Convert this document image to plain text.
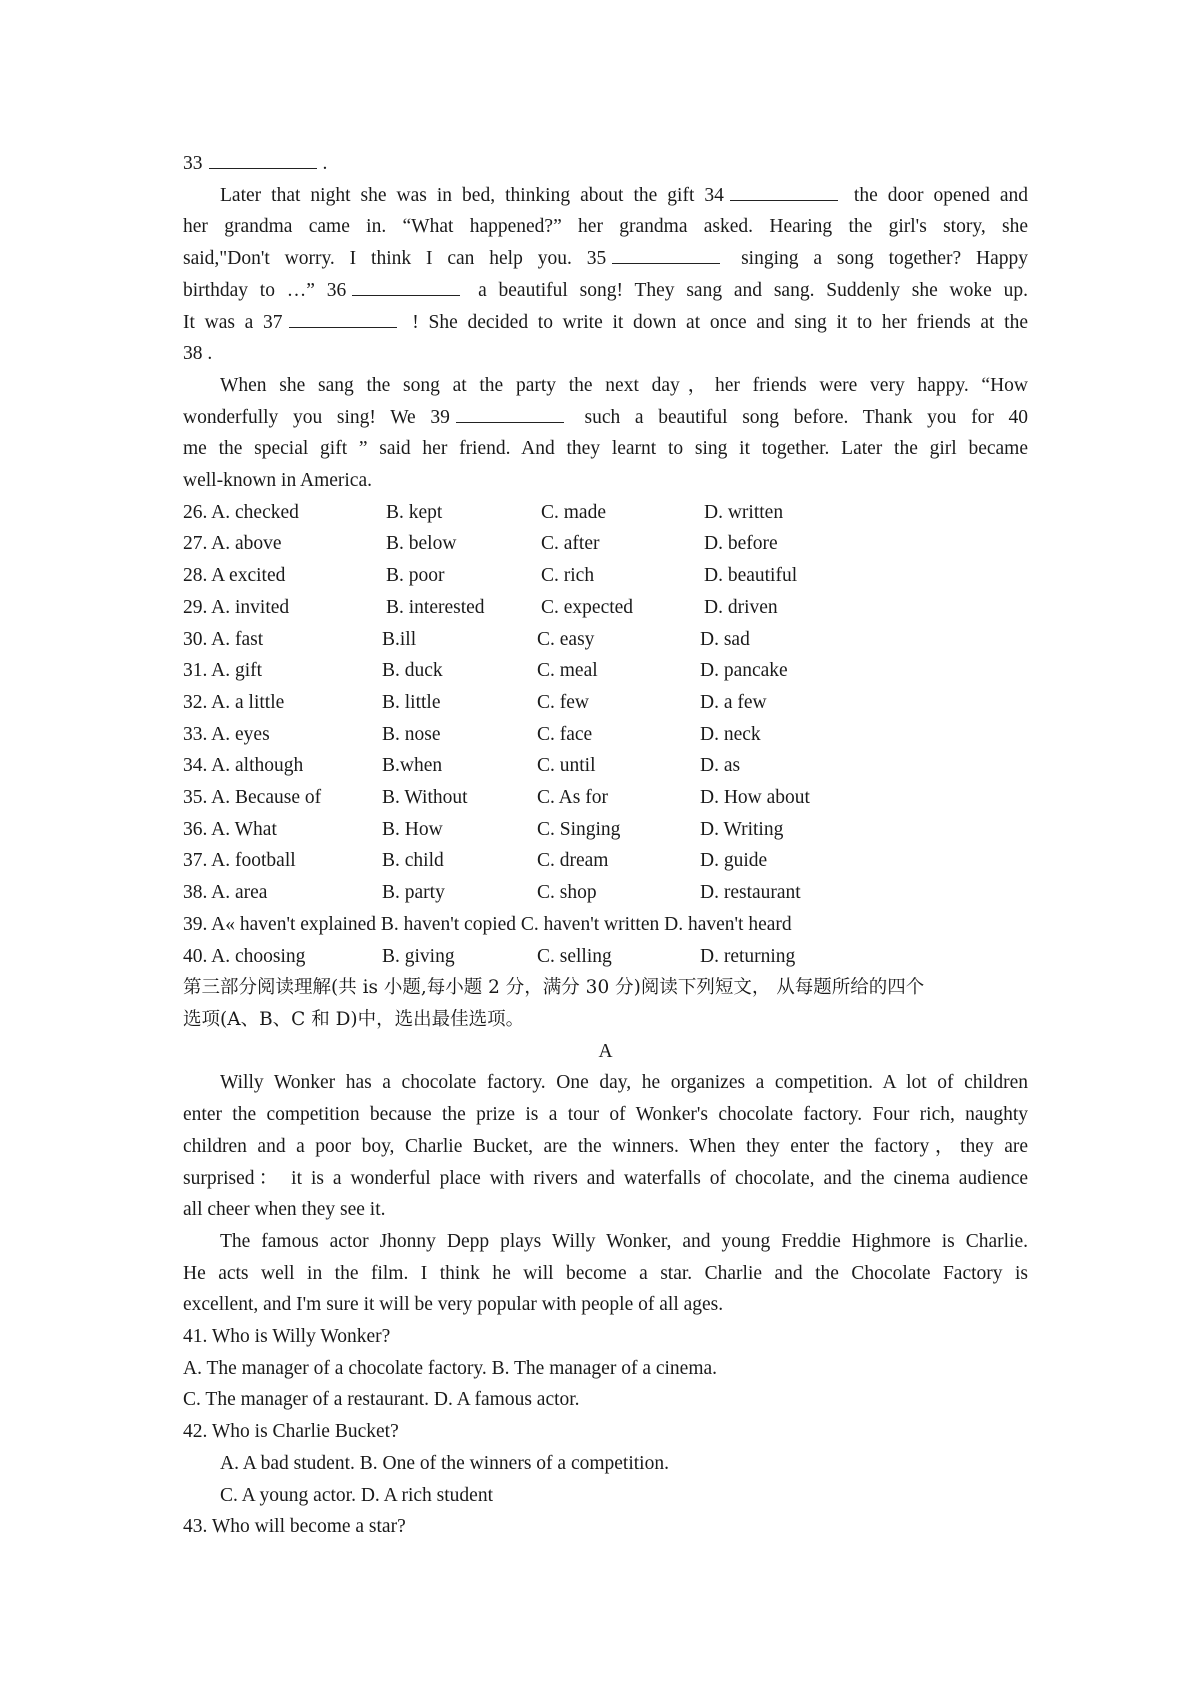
33	.
Later that night she was in bed, thinking about the gift 34	the door opened and
her grandma came in. “What happened?” her grandma asked. Hearing the girl's story, she
said,"Don't worry. I think I can help you. 35	singing a song together? Happy
birthday to …” 36	a beautiful song! They sang and sang. Suddenly she woke up.
It was a 37	! She decided to write it down at once and sing it to her friends at the
38 .
When she sang the song at the party the next day，her friends were very happy. “How
wonderfully you sing! We 39	such a beautiful song before. Thank you for 40
me the special gift ” said her friend. And they learnt to sing it together. Later the girl became
well-known in America.
26. A. checked	B. kept	C. made	D. written
27. A. above	B. below	C. after	D. before
28. A excited	B. poor	C. rich	D. beautiful
29. A. invited	B. interested	C. expected	D. driven
30. A. fast	B.ill	C. easy	D. sad
31. A. gift	B. duck	C. meal	D. pancake
32. A. a little	B. little	C. few	D. a few
33. A. eyes	B. nose	C. face	D. neck
34. A. although	B.when	C. until	D. as
35. A. Because of	B. Without	C. As for	D. How about
36. A. What	B. How	C. Singing	D. Writing
37. A. football	B. child	C. dream	D. guide
38. A. area	B. party	C. shop	D. restaurant
39. A« haven't explained B. haven't copied C. haven't written D. haven't heard
40. A. choosing	B. giving	C. selling	D. returning
第三部分阅读理解(共 is 小题,每小题 2 分，满分 30 分)阅读下列短文， 从每题所给的四个
选项(A、B、C 和 D)中，选出最佳选项。
A
Willy Wonker has a chocolate factory. One day, he organizes a competition. A lot of children
enter the competition because the prize is a tour of Wonker's chocolate factory. Four rich, naughty
children and a poor boy, Charlie Bucket, are the winners. When they enter the factory，they are
surprised： it is a wonderful place with rivers and waterfalls of chocolate, and the cinema audience
all cheer when they see it.
The famous actor Jhonny Depp plays Willy Wonker, and young Freddie Highmore is Charlie.
He acts well in the film. I think he will become a star. Charlie and the Chocolate Factory is
excellent, and I'm sure it will be very popular with people of all ages.
41. Who is Willy Wonker?
A. The manager of a chocolate factory. B. The manager of a cinema.
C. The manager of a restaurant. D. A famous actor.
42. Who is Charlie Bucket?
A. A bad student. B. One of the winners of a competition.
C. A young actor. D. A rich student
43. Who will become a star?
